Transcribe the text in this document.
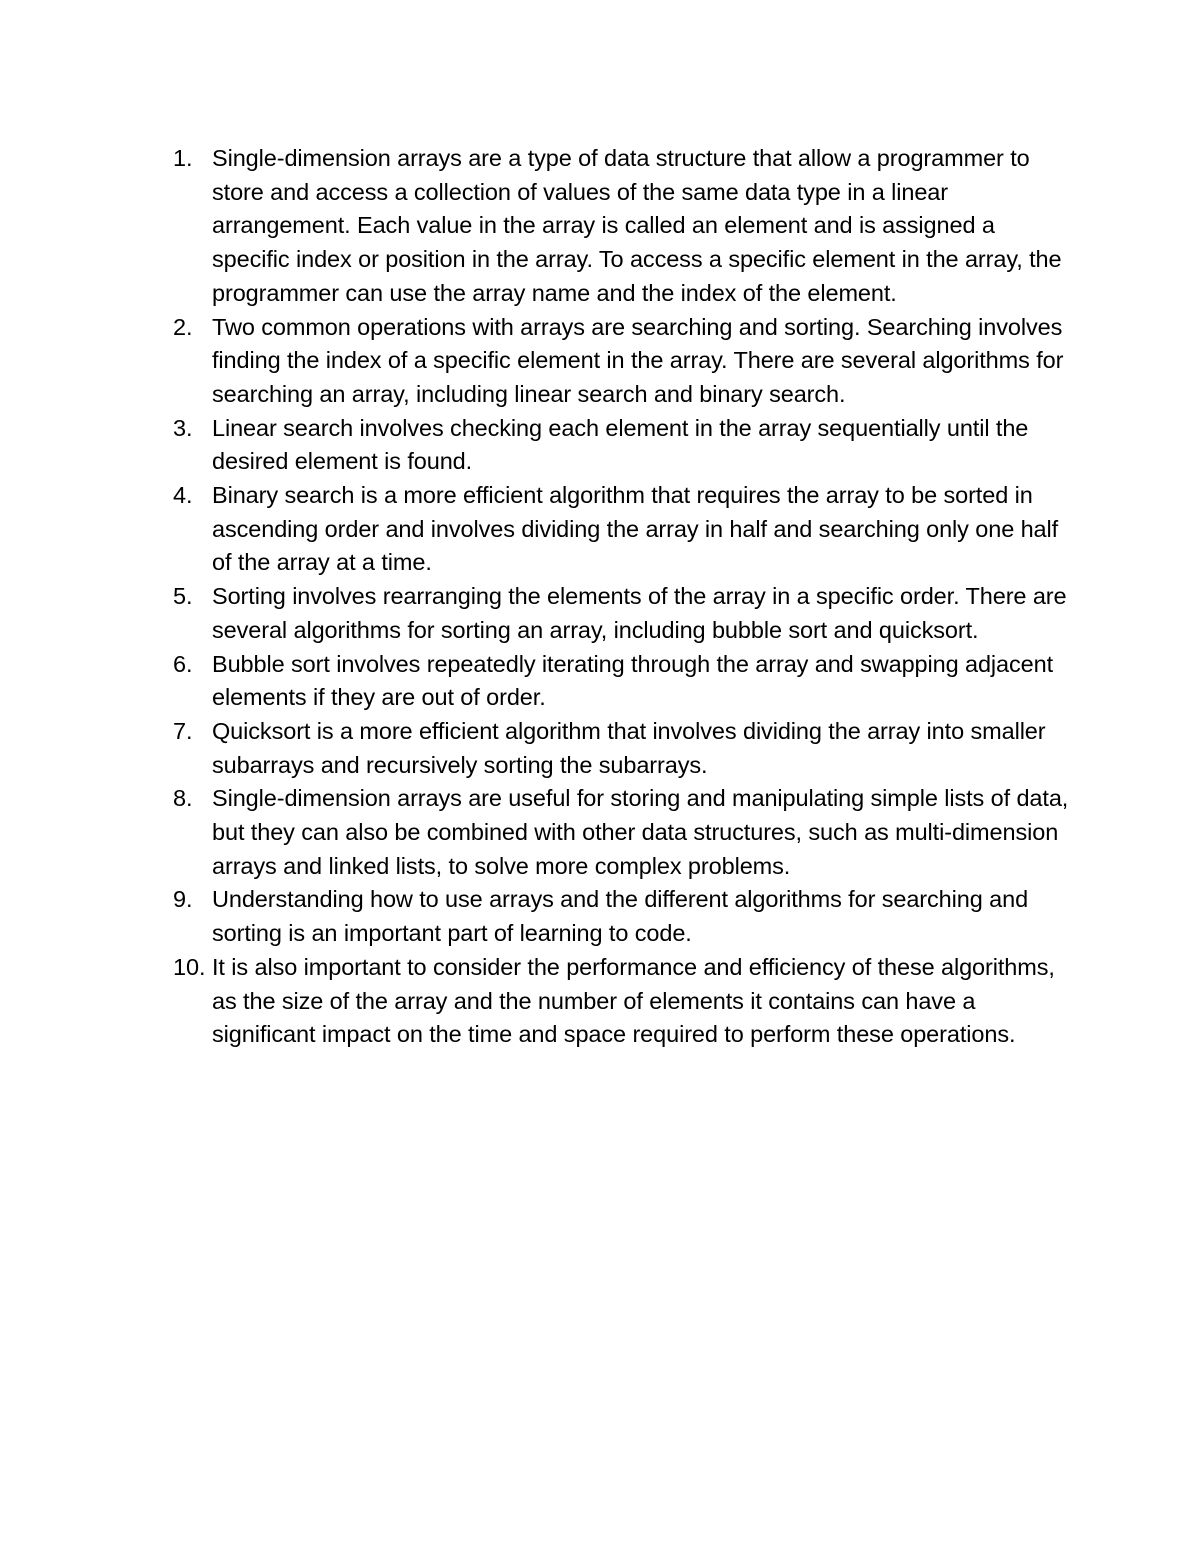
1. Single-dimension arrays are a type of data structure that allow a programmer to store and access a collection of values of the same data type in a linear arrangement. Each value in the array is called an element and is assigned a specific index or position in the array. To access a specific element in the array, the programmer can use the array name and the index of the element.
2. Two common operations with arrays are searching and sorting. Searching involves finding the index of a specific element in the array. There are several algorithms for searching an array, including linear search and binary search.
3. Linear search involves checking each element in the array sequentially until the desired element is found.
4. Binary search is a more efficient algorithm that requires the array to be sorted in ascending order and involves dividing the array in half and searching only one half of the array at a time.
5. Sorting involves rearranging the elements of the array in a specific order. There are several algorithms for sorting an array, including bubble sort and quicksort.
6. Bubble sort involves repeatedly iterating through the array and swapping adjacent elements if they are out of order.
7. Quicksort is a more efficient algorithm that involves dividing the array into smaller subarrays and recursively sorting the subarrays.
8. Single-dimension arrays are useful for storing and manipulating simple lists of data, but they can also be combined with other data structures, such as multi-dimension arrays and linked lists, to solve more complex problems.
9. Understanding how to use arrays and the different algorithms for searching and sorting is an important part of learning to code.
10. It is also important to consider the performance and efficiency of these algorithms, as the size of the array and the number of elements it contains can have a significant impact on the time and space required to perform these operations.
